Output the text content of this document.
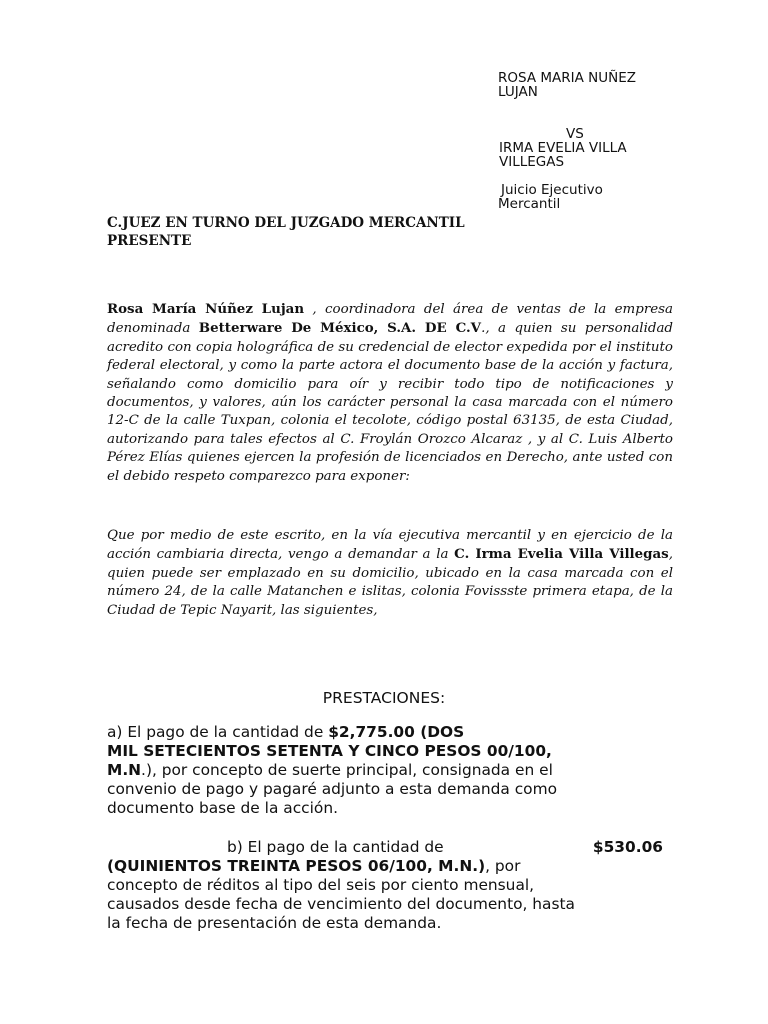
ROSA MARIA NUÑEZ
LUJAN
VS
IRMA EVELIA VILLA
VILLEGAS
Juicio Ejecutivo
Mercantil
C.JUEZ EN TURNO DEL JUZGADO MERCANTIL
PRESENTE
Rosa María Núñez Lujan , coordinadora del área de ventas de la empresa denominada Betterware De México, S.A. DE C.V., a quien su personalidad acredito con copia holográfica de su credencial de elector expedida por el instituto federal electoral, y como la parte actora el documento base de la acción y factura, señalando como domicilio para oír y recibir todo tipo de notificaciones y documentos, y valores, aún los carácter personal la casa marcada con el número 12-C de la calle Tuxpan, colonia el tecolote, código postal 63135, de esta Ciudad, autorizando para tales efectos al C. Froylán Orozco Alcaraz , y al C. Luis Alberto Pérez Elías quienes ejercen la profesión de licenciados en Derecho, ante usted con el debido respeto comparezco para exponer:
Que por medio de este escrito, en la vía ejecutiva mercantil y en ejercicio de la acción cambiaria directa, vengo a demandar a la C. Irma Evelia Villa Villegas, quien puede ser emplazado en su domicilio, ubicado en la casa marcada con el número 24, de la calle Matanchen e islitas, colonia Fovissste primera etapa, de la Ciudad de Tepic Nayarit, las siguientes,
PRESTACIONES:
a) El pago de la cantidad de $2,775.00 (DOS
MIL SETECIENTOS SETENTA Y CINCO PESOS 00/100,
M.N.), por concepto de suerte principal, consignada en el
convenio de pago y pagaré adjunto a esta demanda como
documento base de la acción.
b) El pago de la cantidad de	$530.06
(QUINIENTOS TREINTA PESOS 06/100, M.N.), por
concepto de réditos al tipo del seis por ciento mensual,
causados desde fecha de vencimiento del documento, hasta
la fecha de presentación de esta demanda.
